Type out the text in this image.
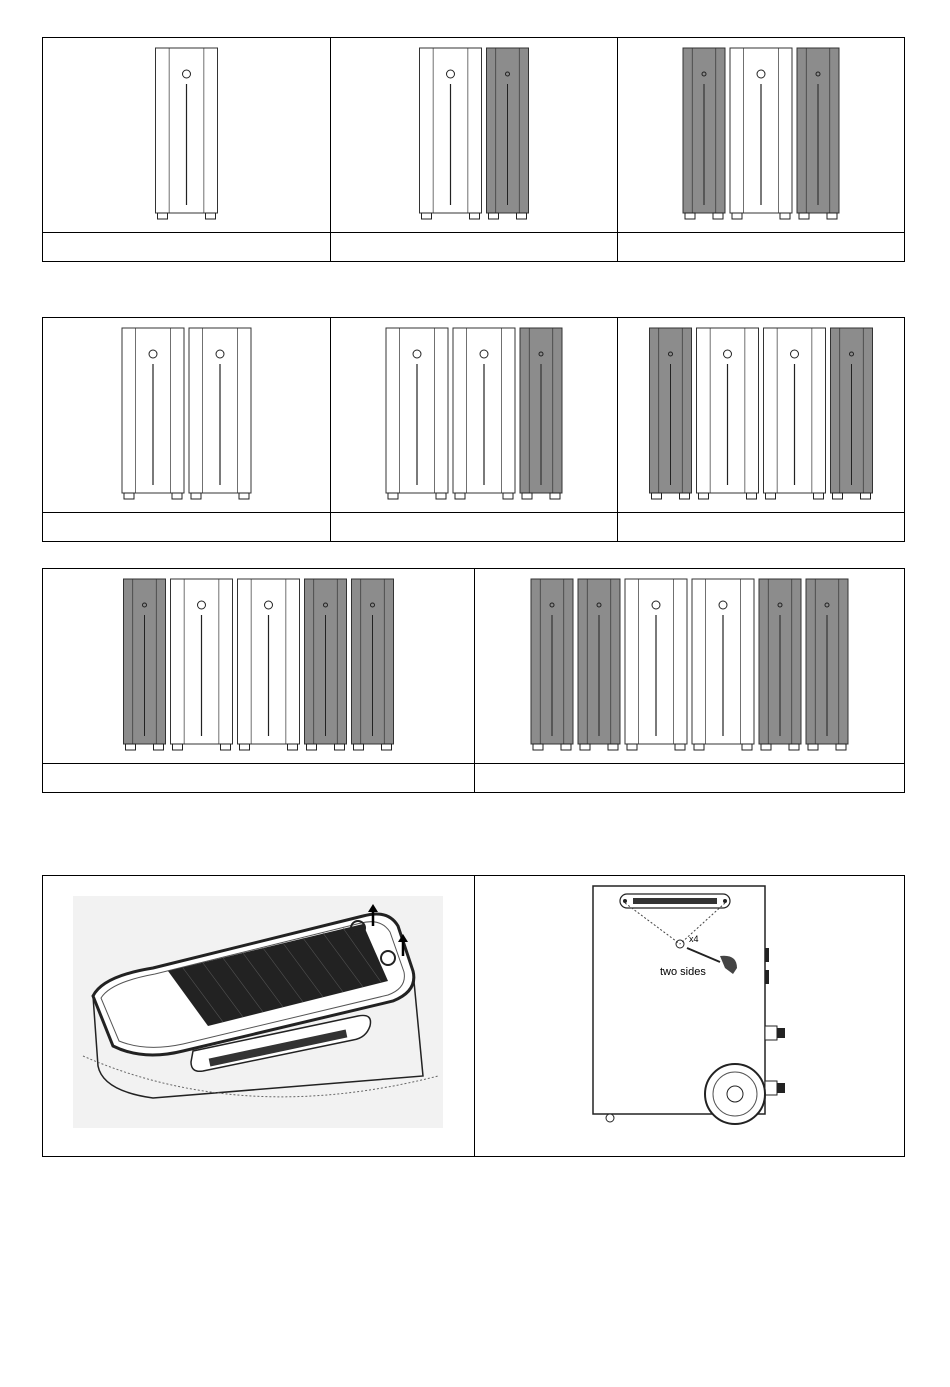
x4
two sides
